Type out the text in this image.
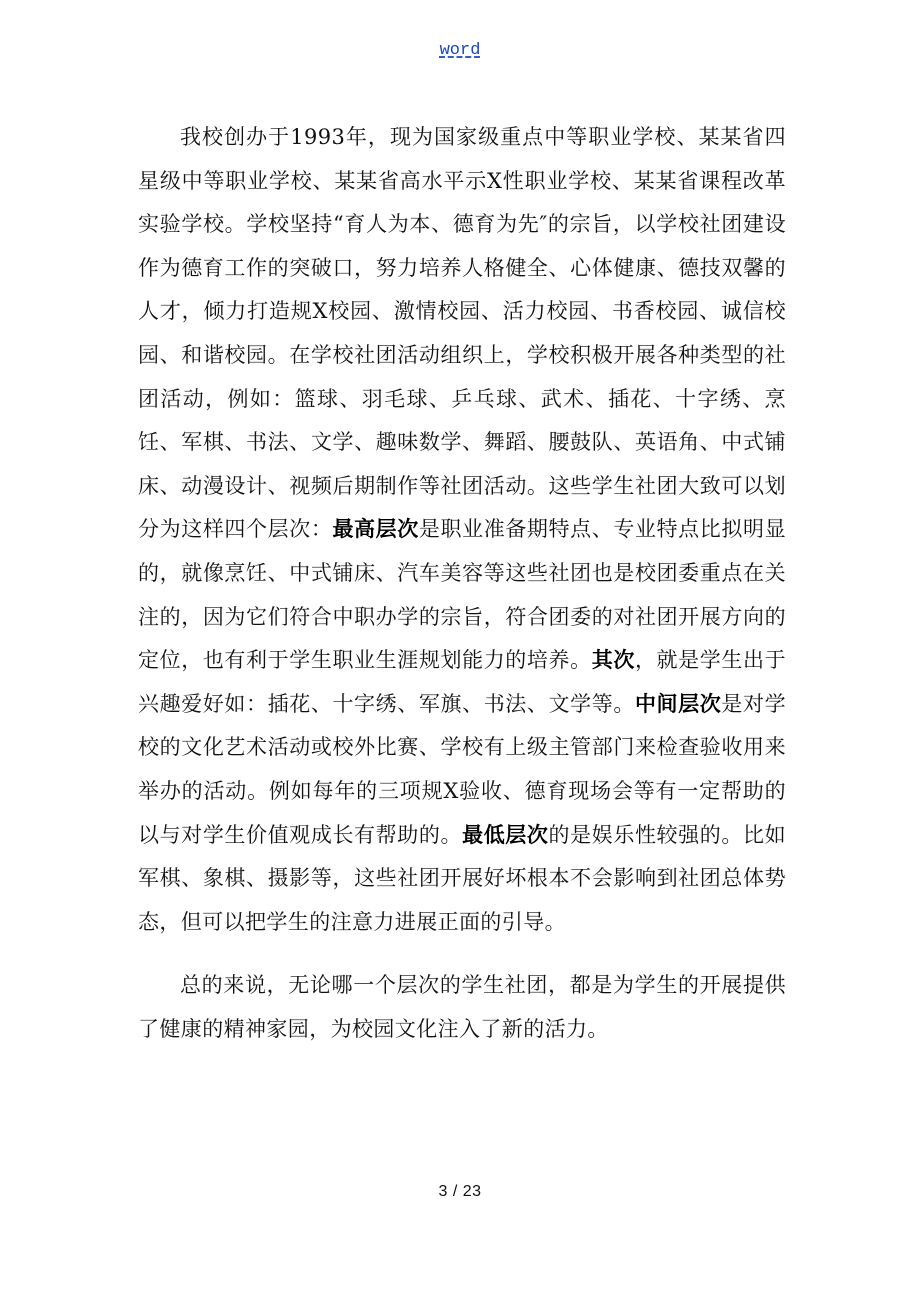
word

我校创办于1993年，现为国家级重点中等职业学校、某某省四星级中等职业学校、某某省高水平示X性职业学校、某某省课程改革实验学校。学校坚持“育人为本、德育为先″的宗旨，以学校社团建设作为德育工作的突破口，努力培养人格健全、心体健康、德技双馨的人才，倾力打造规X校园、激情校园、活力校园、书香校园、诚信校园、和谐校园。在学校社团活动组织上，学校积极开展各种类型的社团活动，例如：篮球、羽毛球、乒乓球、武术、插花、十字绣、烹饪、军棋、书法、文学、趣味数学、舞蹈、腰鼓队、英语角、中式铺床、动漫设计、视频后期制作等社团活动。这些学生社团大致可以划分为这样四个层次：最高层次是职业准备期特点、专业特点比拟明显的，就像烹饪、中式铺床、汽车美容等这些社团也是校团委重点在关注的，因为它们符合中职办学的宗旨，符合团委的对社团开展方向的定位，也有利于学生职业生涯规划能力的培养。其次，就是学生出于兴趣爱好如：插花、十字绣、军旗、书法、文学等。中间层次是对学校的文化艺术活动或校外比赛、学校有上级主管部门来检查验收用来举办的活动。例如每年的三项规X验收、德育现场会等有一定帮助的以与对学生价值观成长有帮助的。最低层次的是娱乐性较强的。比如军棋、象棋、摄影等，这些社团开展好坏根本不会影响到社团总体势态，但可以把学生的注意力进展正面的引导。

总的来说，无论哪一个层次的学生社团，都是为学生的开展提供了健康的精神家园，为校园文化注入了新的活力。

3 / 23
